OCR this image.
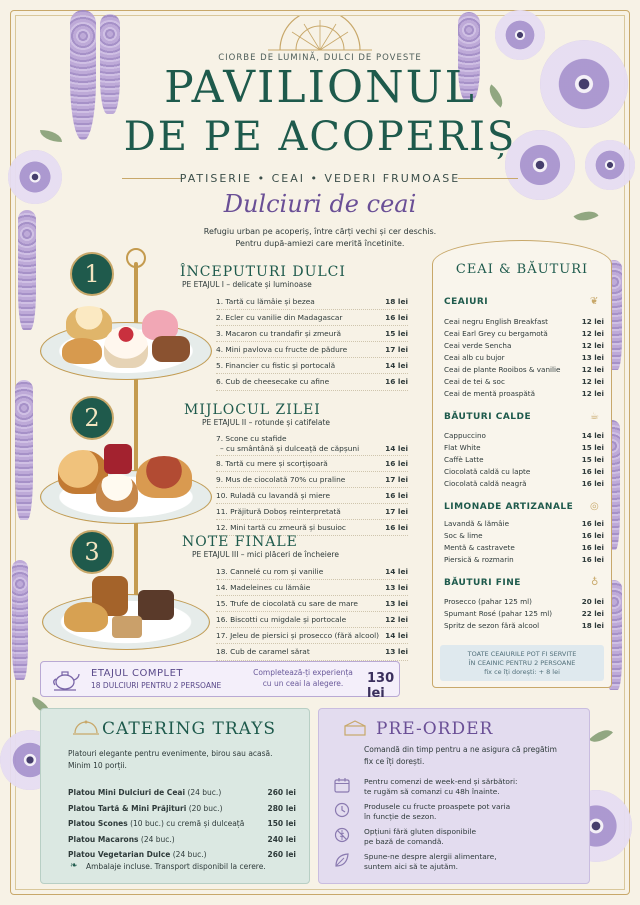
CIORBE DE LUMINĂ, DULCI DE POVESTE
PAVILIONUL
DE PE ACOPERIȘ
PATISERIE • CEAI • VEDERI FRUMOASE
Dulciuri de ceai
Refugiu urban pe acoperiș, între cărți vechi și cer deschis.
Pentru după-amiezi care merită încetinite.
1
2
3
ÎNCEPUTURI DULCI
PE ETAJUL I – delicate și luminoase
1. Tartă cu lămâie și bezea	18 lei
2. Ecler cu vanilie din Madagascar	16 lei
3. Macaron cu trandafir și zmeură	15 lei
4. Mini pavlova cu fructe de pădure	17 lei
5. Financier cu fistic și portocală	14 lei
6. Cub de cheesecake cu afine	16 lei
MIJLOCUL ZILEI
PE ETAJUL II – rotunde și catifelate
7. Scone cu stafide
– cu smântână și dulceață de căpșuni	14 lei
8. Tartă cu mere și scorțișoară	16 lei
9. Mus de ciocolată 70% cu praline	17 lei
10. Ruladă cu lavandă și miere	16 lei
11. Prăjitură Doboș reinterpretată	17 lei
12. Mini tartă cu zmeură și busuioc	16 lei
NOTE FINALE
PE ETAJUL III – mici plăceri de încheiere
13. Cannelé cu rom și vanilie	14 lei
14. Madeleines cu lămâie	13 lei
15. Trufe de ciocolată cu sare de mare	13 lei
16. Biscotti cu migdale și portocale	12 lei
17. Jeleu de piersici și prosecco (fără alcool) 14 lei
18. Cub de caramel sărat	13 lei
ETAJUL COMPLET
18 DULCIURI PENTRU 2 PERSOANE
Completează-ți experiența
cu un ceai la alegere.	130 lei
CEAI & BĂUTURI
CEAIURI
Ceai negru English Breakfast	12 lei
Ceai Earl Grey cu bergamotă	12 lei
Ceai verde Sencha	12 lei
Ceai alb cu bujor	13 lei
Ceai de plante Rooibos & vanilie	12 lei
Ceai de tei & soc	12 lei
Ceai de mentă proaspătă	12 lei
BĂUTURI CALDE
Cappuccino	14 lei
Flat White	15 lei
Caffè Latte	15 lei
Ciocolată caldă cu lapte	16 lei
Ciocolată caldă neagră	16 lei
LIMONADE ARTIZANALE
Lavandă & lămâie	16 lei
Soc & lime	16 lei
Mentă & castravete	16 lei
Piersică & rozmarin	16 lei
BĂUTURI FINE
Prosecco (pahar 125 ml)	20 lei
Spumant Rosé (pahar 125 ml)	22 lei
Spritz de sezon fără alcool	18 lei
❦
☕
◎
♁
TOATE CEAIURILE POT FI SERVITE
ÎN CEAINIC PENTRU 2 PERSOANE
fix ce îți dorești: + 8 lei
CATERING TRAYS
Platouri elegante pentru evenimente, birou sau acasă.
Minim 10 porții.
Platou Mini Dulciuri de Ceai (24 buc.)	260 lei
Platou Tartă & Mini Prăjituri (20 buc.)	280 lei
Platou Scones (10 buc.) cu cremă și dulceață	150 lei
Platou Macarons (24 buc.)	240 lei
Platou Vegetarian Dulce (24 buc.)	260 lei
❧ Ambalaje incluse. Transport disponibil la cerere.
PRE-ORDER
Comandă din timp pentru a ne asigura că pregătim
fix ce îți dorești.
Pentru comenzi de week-end și sărbători:
te rugăm să comanzi cu 48h înainte.
Produsele cu fructe proaspete pot varia
în funcție de sezon.
Opțiuni fără gluten disponibile
pe bază de comandă.
Spune-ne despre alergii alimentare,
suntem aici să te ajutăm.
